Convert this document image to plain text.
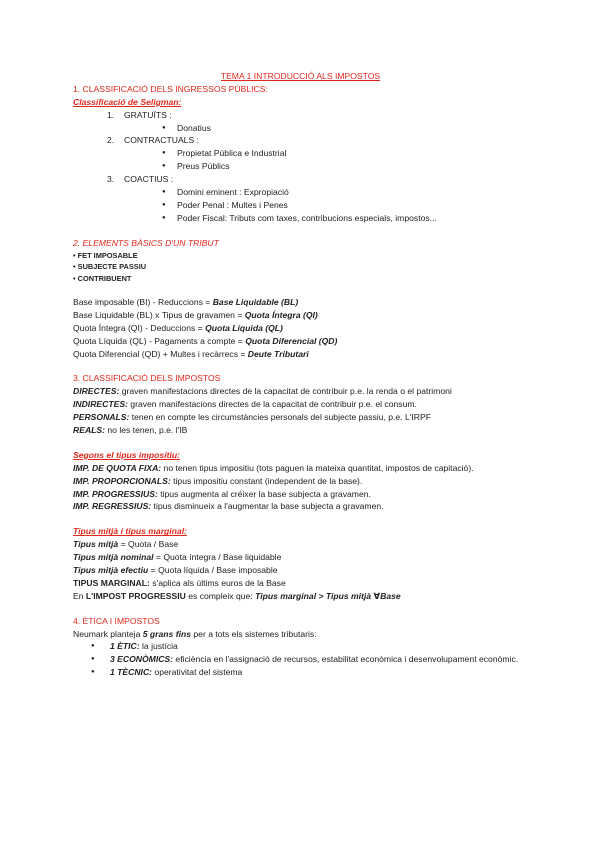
TEMA 1 INTRODUCCIÓ ALS IMPOSTOS

1. CLASSIFICACIÓ DELS INGRESSOS PÚBLICS:

Classificació de Seligman:

1. GRATUÏTS :
● Donatius
2. CONTRACTUALS :
● Propietat Pública e Industrial
● Preus Públics
3. COACTIUS :
● Domini eminent : Expropiació
● Poder Penal : Multes i Penes
● Poder Fiscal: Tributs com taxes, contribucions especials, impostos...

2. ELEMENTS BÀSICS D'UN TRIBUT

• FET IMPOSABLE

• SUBJECTE PASSIU

• CONTRIBUENT

Base imposable (BI) - Reduccions = Base Liquidable (BL)

Base Liquidable (BL) x Tipus de gravamen = Quota Íntegra (QI)

Quota Íntegra (QI) - Deduccions = Quota Líquida (QL)

Quota Líquida (QL) - Pagaments a compte = Quota Diferencial (QD)

Quota Diferencial (QD) + Multes i recàrrecs = Deute Tributari

3. CLASSIFICACIÓ DELS IMPOSTOS

DIRECTES: graven manifestacions directes de la capacitat de contribuir p.e. la renda o el patrimoni

INDIRECTES: graven manifestacions directes de la capacitat de contribuir p.e. el consum.

PERSONALS: tenen en compte les circumstàncies personals del subjecte passiu, p.e. L'IRPF

REALS: no les tenen, p.e. l'IB

Segons el tipus impositiu:

IMP. DE QUOTA FIXA: no tenen tipus impositiu (tots paguen la mateixa quantitat, impostos de capitació).

IMP. PROPORCIONALS: tipus impositiu constant (independent de la base).

IMP. PROGRESSIUS: tipus augmenta al créixer la base subjecta a gravamen.

IMP. REGRESSIUS: tipus disminueix a l'augmentar la base subjecta a gravamen.

Tipus mitjà i tipus marginal:

Tipus mitjà = Quota / Base

Tipus mitjà nominal = Quota íntegra / Base liquidable

Tipus mitjà efectiu = Quota líquida / Base imposable

TIPUS MARGINAL: s'aplica als últims euros de la Base

En L'IMPOST PROGRESSIU es compleix que: Tipus marginal > Tipus mitjà ∀Base

4. ÈTICA I IMPOSTOS

Neumark planteja 5 grans fins per a tots els sistemes tributaris:

● 1 ÈTIC: la justícia
● 3 ECONÒMICS: eficiència en l'assignació de recursos, estabilitat econòmica i desenvolupament econòmic.
● 1 TÈCNIC: operativitat del sistema
